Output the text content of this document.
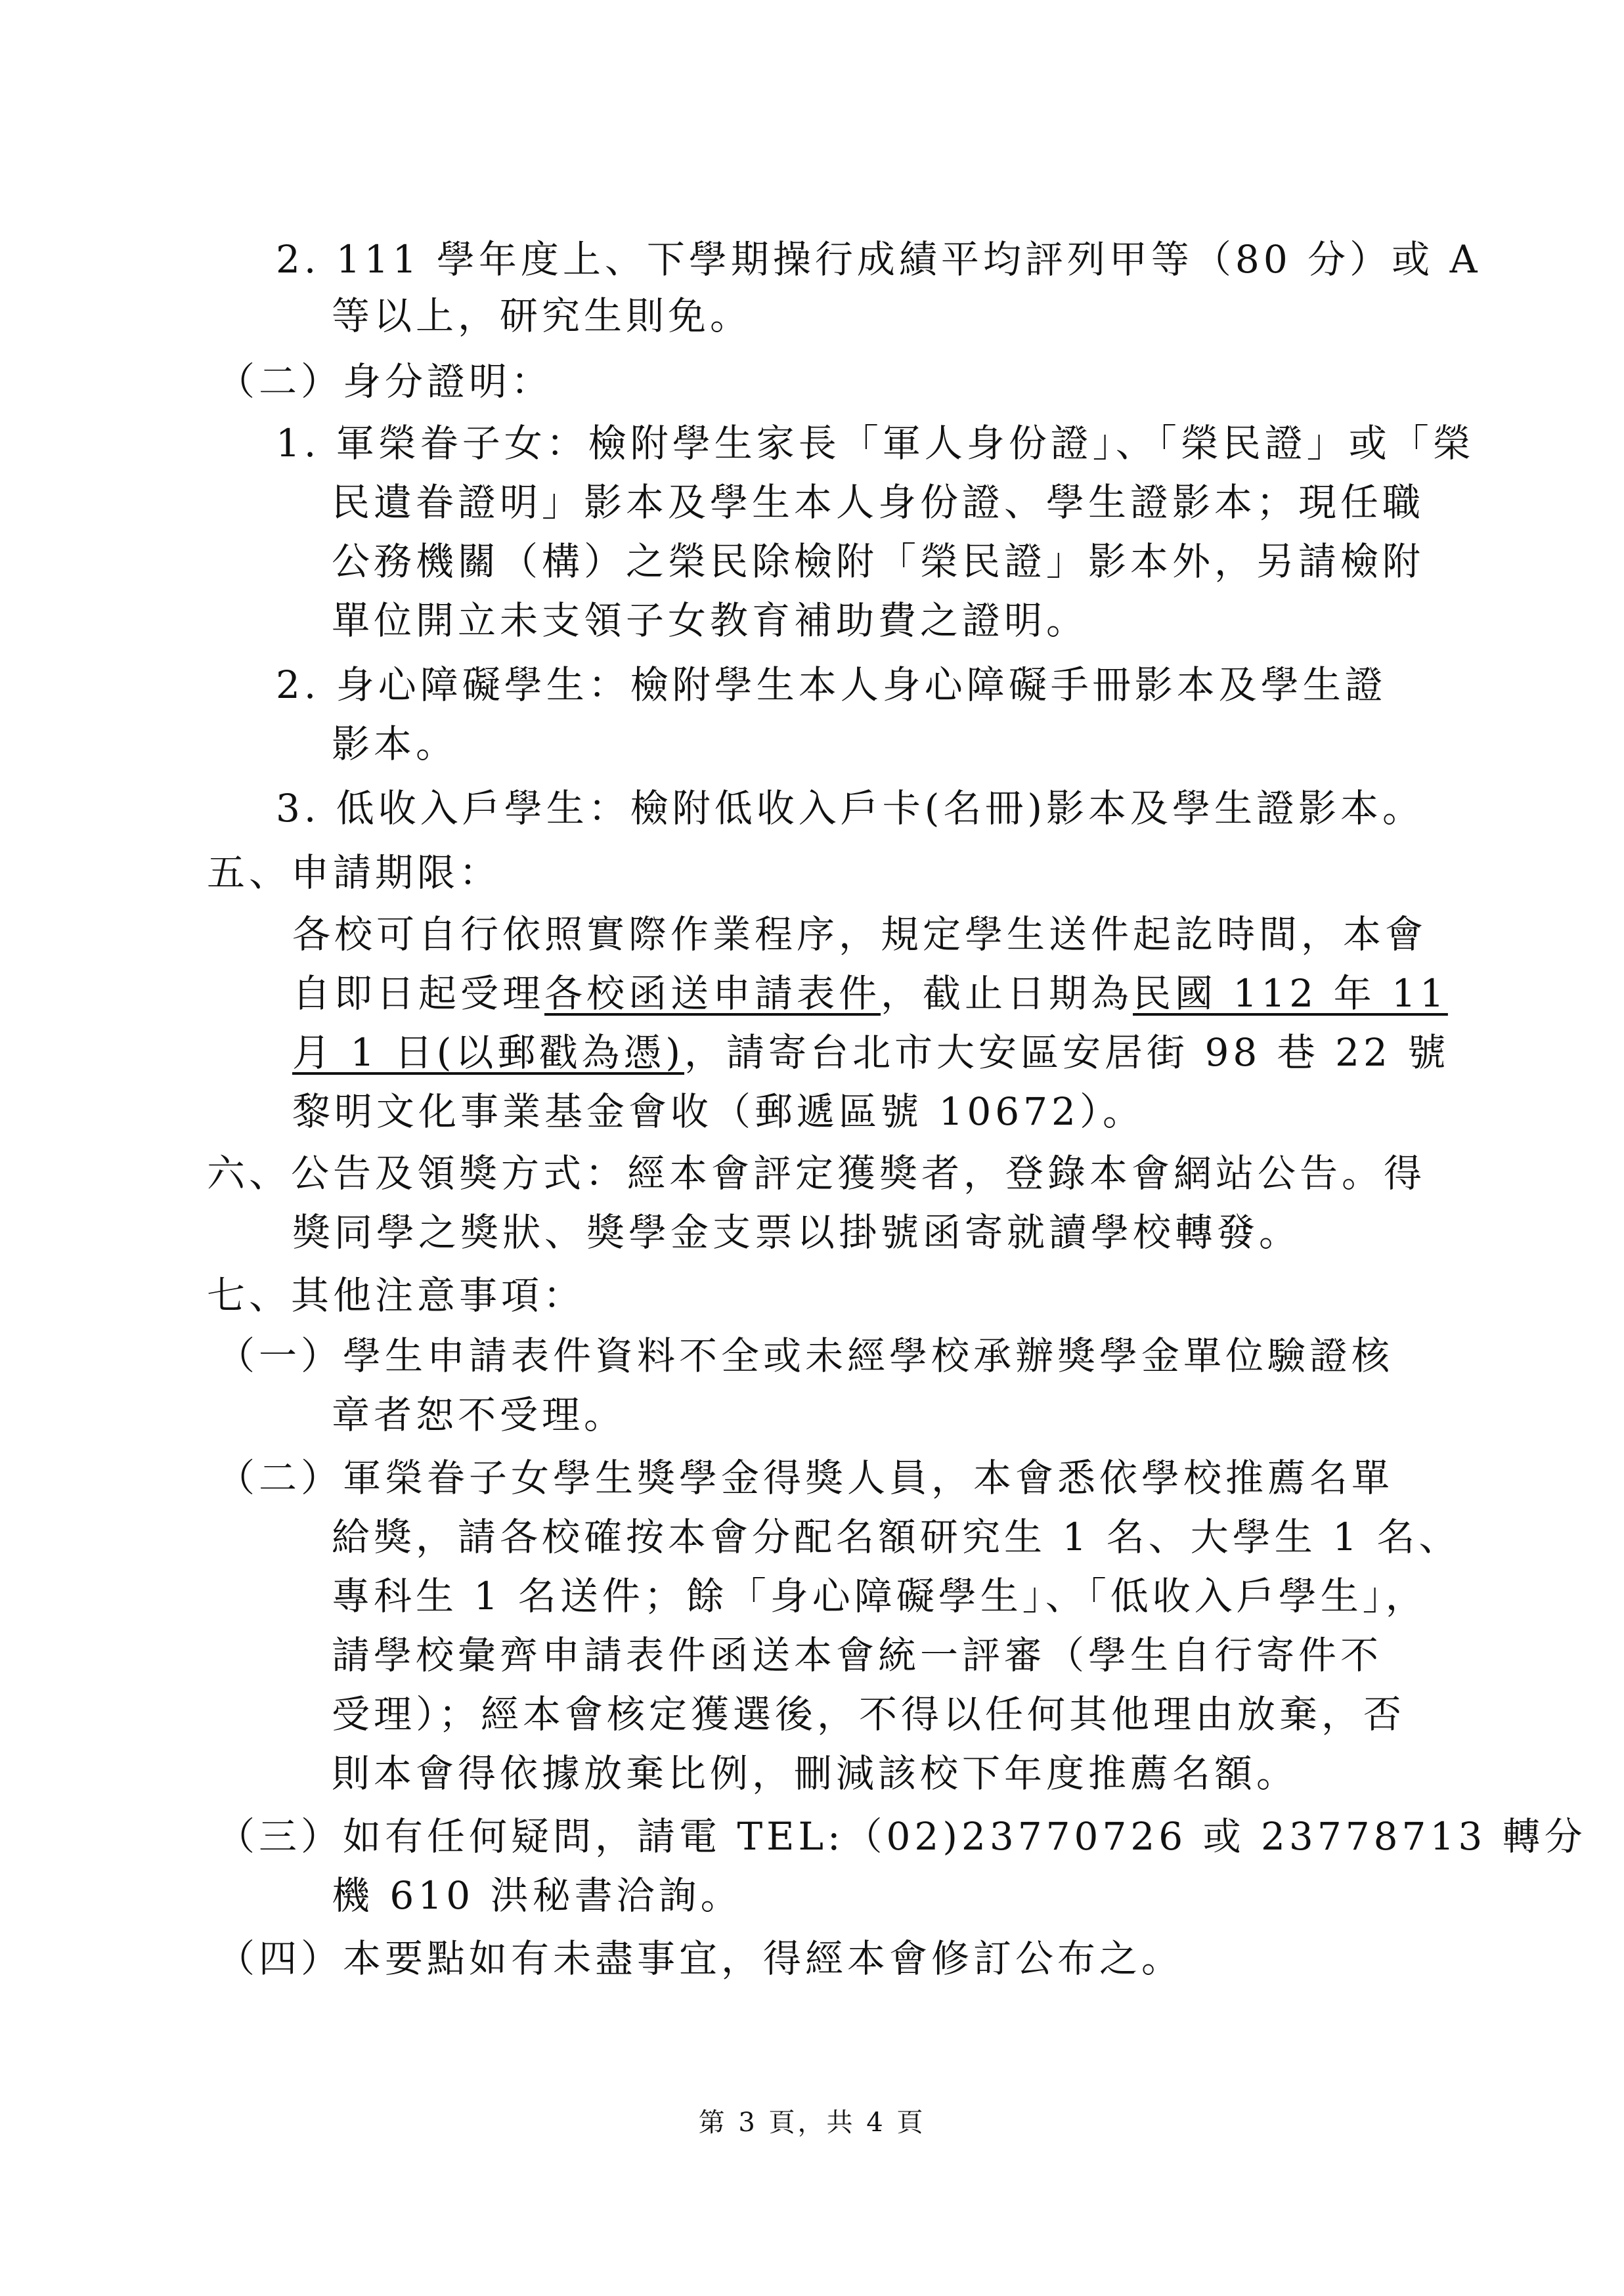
2. 111 學年度上、下學期操行成績平均評列甲等（80 分）或 A
等以上，研究生則免。
（二）身分證明：
1. 軍榮眷子女：檢附學生家長「軍人身份證」、「榮民證」或「榮
民遺眷證明」影本及學生本人身份證、學生證影本；現任職
公務機關（構）之榮民除檢附「榮民證」影本外，另請檢附
單位開立未支領子女教育補助費之證明。
2. 身心障礙學生：檢附學生本人身心障礙手冊影本及學生證
影本。
3. 低收入戶學生：檢附低收入戶卡(名冊)影本及學生證影本。
五、申請期限：
各校可自行依照實際作業程序，規定學生送件起訖時間，本會
自即日起受理各校函送申請表件，截止日期為民國 112 年 11
月 1 日(以郵戳為憑)，請寄台北市大安區安居街 98 巷 22 號
黎明文化事業基金會收（郵遞區號 10672）。
六、公告及領獎方式：經本會評定獲獎者，登錄本會網站公告。得
獎同學之獎狀、獎學金支票以掛號函寄就讀學校轉發。
七、其他注意事項：
（一）學生申請表件資料不全或未經學校承辦獎學金單位驗證核
章者恕不受理。
（二）軍榮眷子女學生獎學金得獎人員，本會悉依學校推薦名單
給獎，請各校確按本會分配名額研究生 1 名、大學生 1 名、
專科生 1 名送件；餘「身心障礙學生」、「低收入戶學生」，
請學校彙齊申請表件函送本會統一評審（學生自行寄件不
受理）；經本會核定獲選後，不得以任何其他理由放棄，否
則本會得依據放棄比例，刪減該校下年度推薦名額。
（三）如有任何疑問，請電 TEL:（02)23770726 或 23778713 轉分
機 610 洪秘書洽詢。
（四）本要點如有未盡事宜，得經本會修訂公布之。
第 3 頁，共 4 頁
